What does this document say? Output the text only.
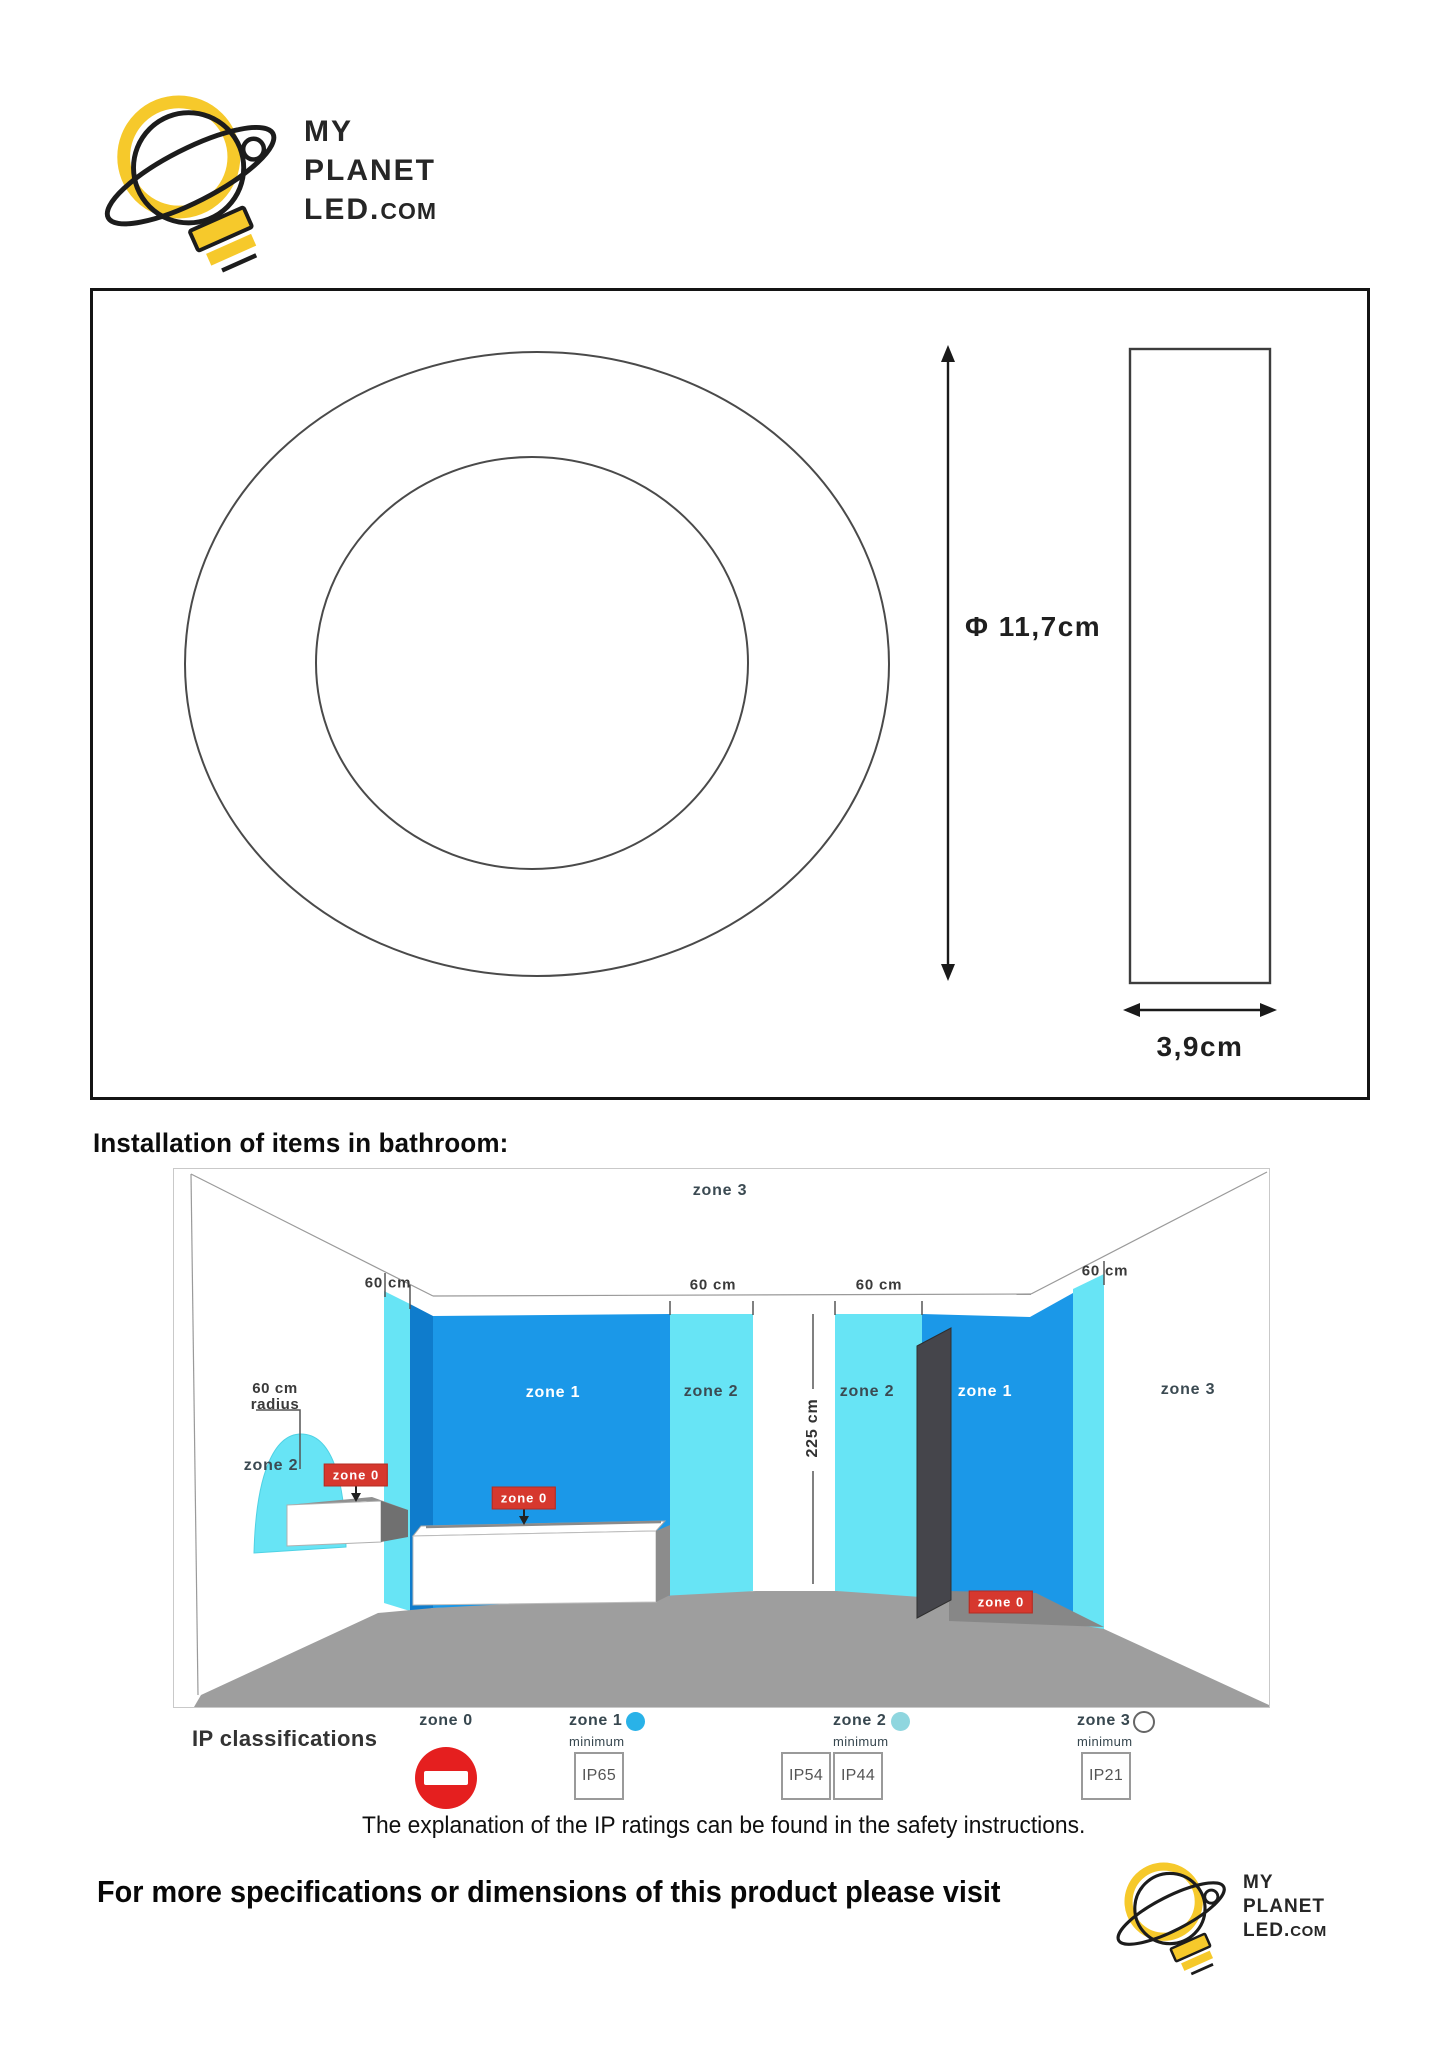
MY
PLANET
LED.COM
Φ 11,7cm
3,9cm
Installation of items in bathroom:
zone 3
60 cm	60 cm	60 cm
60 cm
60 cm
radius
zone 2
zone 1	zone 2	zone 2	zone 1	zone 3
225 cm
zone 0
zone 0
zone 0
IP classifications
zone 0	zone 1
minimum
IP65
zone 2
minimum
IP54	IP44
zone 3
minimum
IP21
The explanation of the IP ratings can be found in the safety instructions.
For more specifications or dimensions of this product please visit	MY
PLANET
LED.COM
